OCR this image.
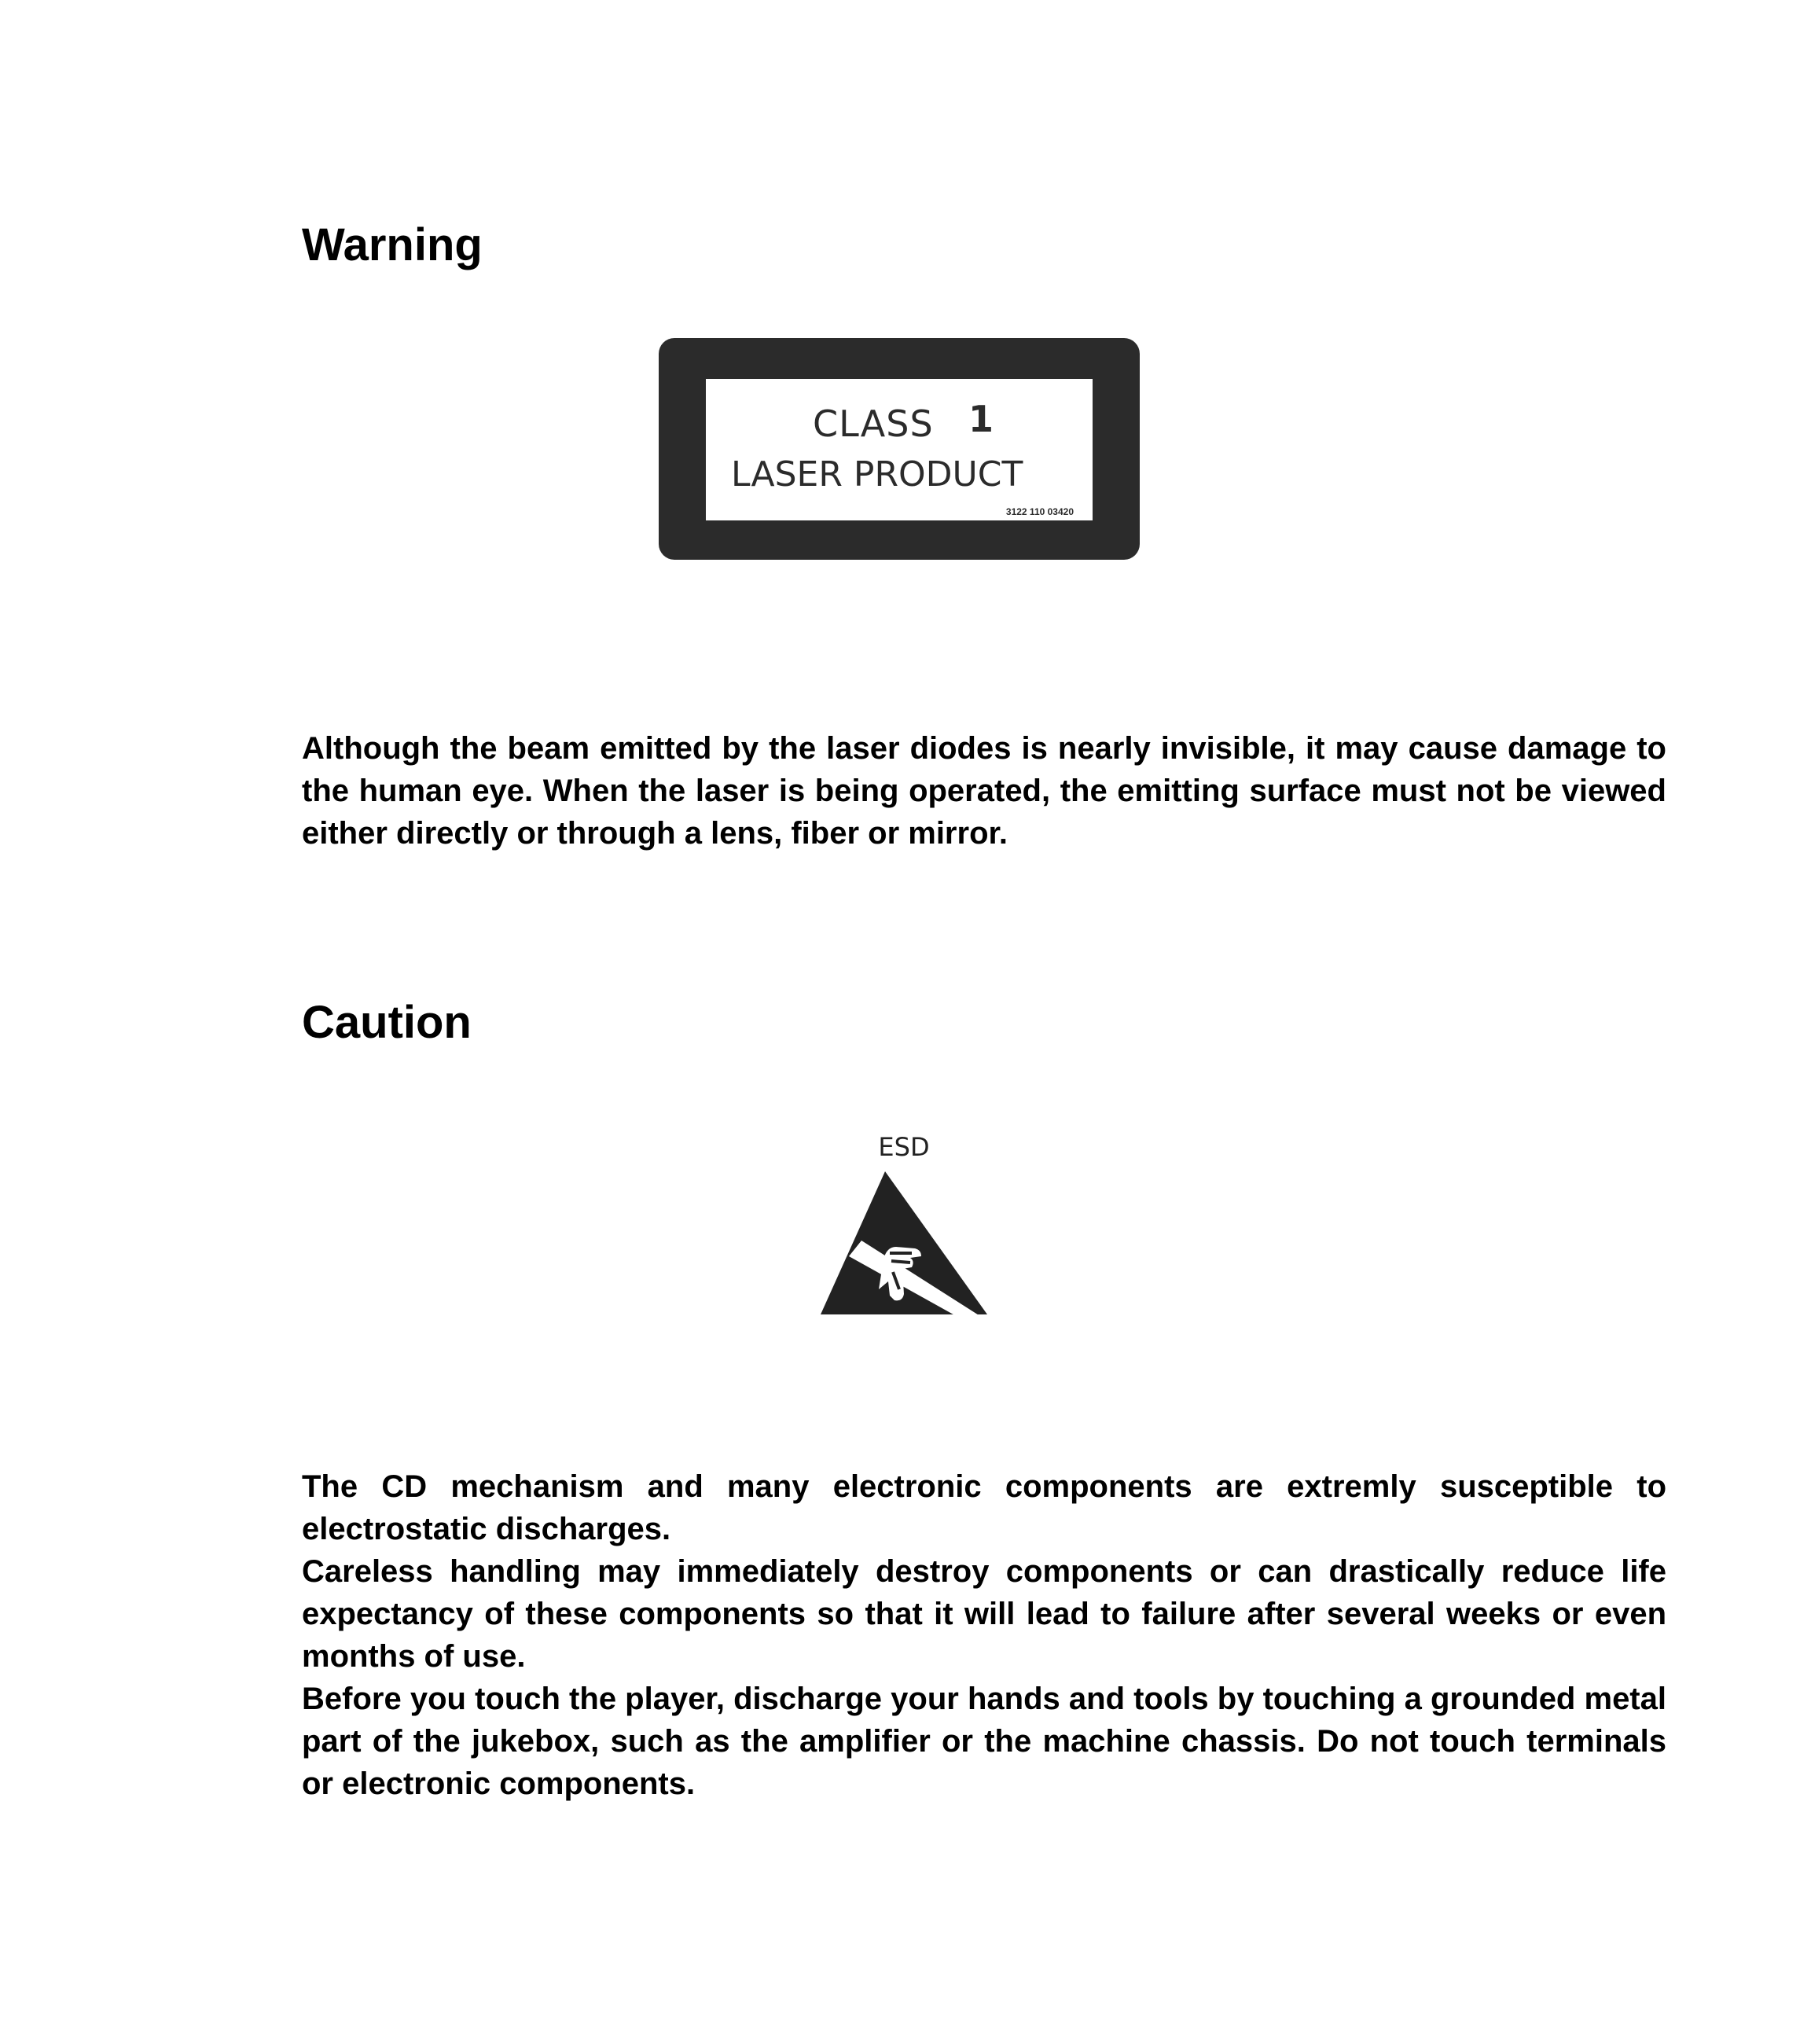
Warning
CLASS 1
LASER PRODUCT
3122 110 03420

Although the beam emitted by the laser diodes is nearly invisible, it may cause damage to the human eye. When the laser is being operated, the emitting surface must not be viewed either directly or through a lens, fiber or mirror.

Caution
ESD
The CD mechanism and many electronic components are extremly susceptible to electrostatic discharges.
Careless handling may immediately destroy components or can drastically reduce life expectancy of these components so that it will lead to failure after several weeks or even months of use.
Before you touch the player, discharge your hands and tools by touching a grounded metal part of the jukebox, such as the amplifier or the machine chassis. Do not touch terminals or electronic components.
